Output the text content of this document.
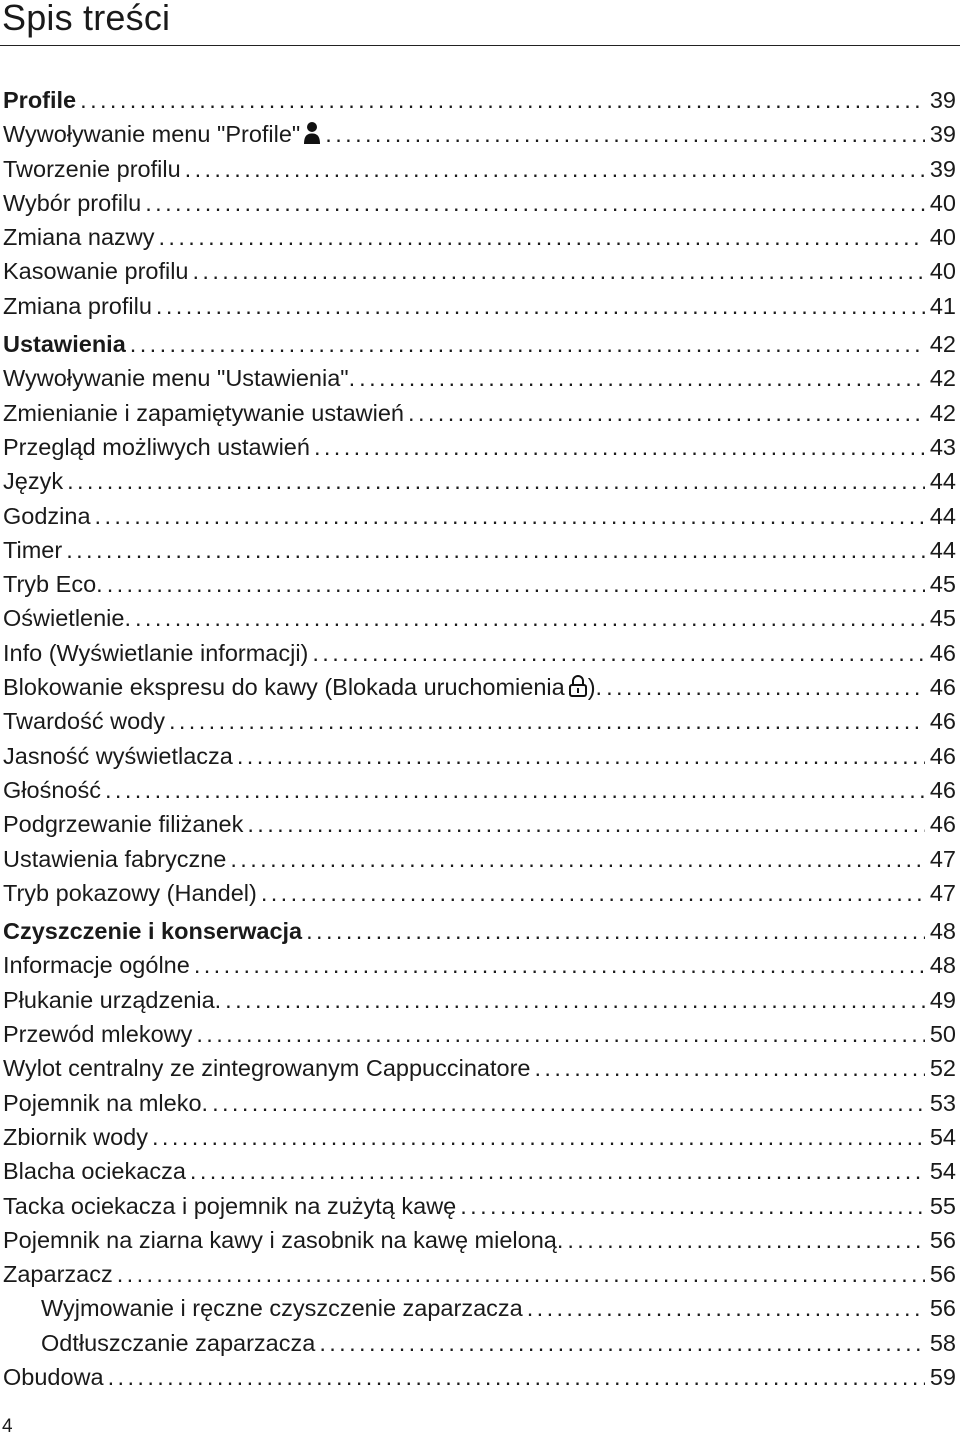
Spis treści
Profile .....	39
Wywoływanie menu "Profile" .....	39
Tworzenie profilu .....	39
Wybór profilu .....	40
Zmiana nazwy .....	40
Kasowanie profilu .....	40
Zmiana profilu .....	41
Ustawienia .....	42
Wywoływanie menu "Ustawienia". .....	42
Zmienianie i zapamiętywanie ustawień .....	42
Przegląd możliwych ustawień .....	43
Język .....	44
Godzina .....	44
Timer .....	44
Tryb Eco. .....	45
Oświetlenie. .....	45
Info (Wyświetlanie informacji) .....	46
Blokowanie ekspresu do kawy (Blokada uruchomienia ). .....	46
Twardość wody .....	46
Jasność wyświetlacza .....	46
Głośność .....	46
Podgrzewanie filiżanek .....	46
Ustawienia fabryczne .....	47
Tryb pokazowy (Handel) .....	47
Czyszczenie i konserwacja .....	48
Informacje ogólne .....	48
Płukanie urządzenia. .....	49
Przewód mlekowy .....	50
Wylot centralny ze zintegrowanym Cappuccinatore .....	52
Pojemnik na mleko. .....	53
Zbiornik wody .....	54
Blacha ociekacza .....	54
Tacka ociekacza i pojemnik na zużytą kawę .....	55
Pojemnik na ziarna kawy i zasobnik na kawę mieloną. .....	56
Zaparzacz .....	56
Wyjmowanie i ręczne czyszczenie zaparzacza .....	56
Odtłuszczanie zaparzacza .....	58
Obudowa .....	59
4
